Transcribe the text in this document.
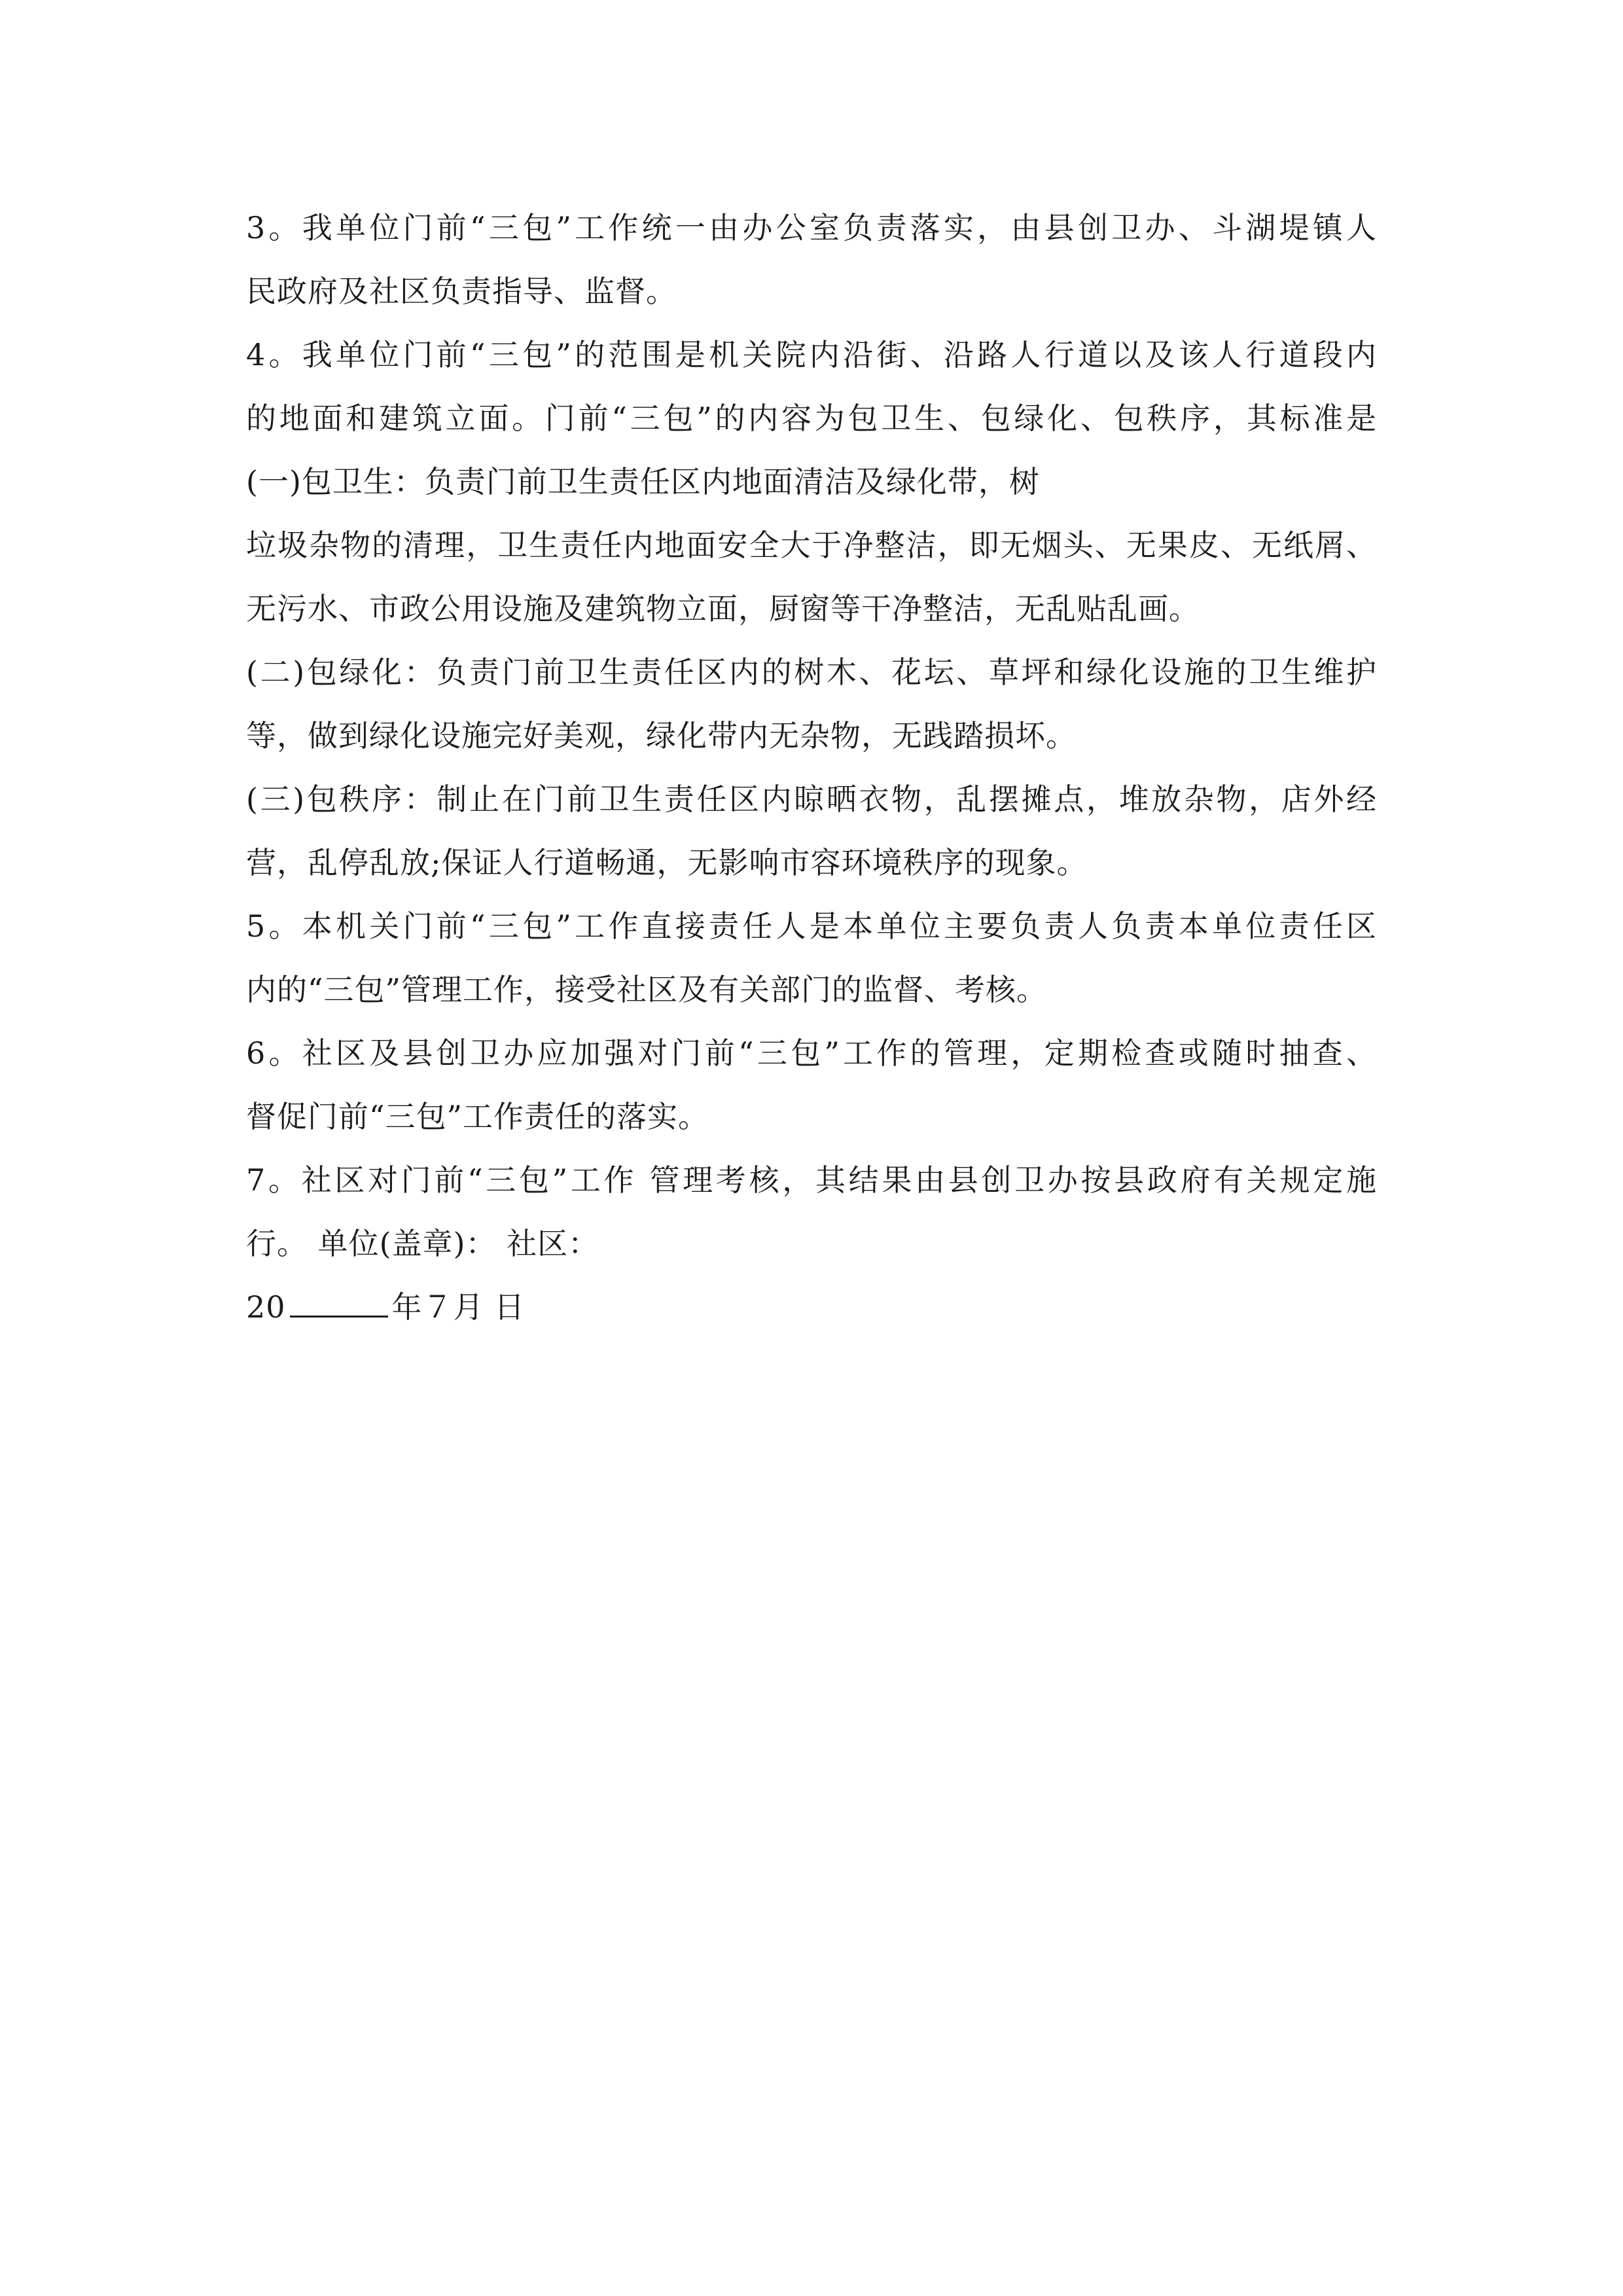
3。我单位门前“三包”工作统一由办公室负责落实，由县创卫办、斗湖堤镇人
民政府及社区负责指导、监督。
4。我单位门前“三包”的范围是机关院内沿街、沿路人行道以及该人行道段内
的地面和建筑立面。门前“三包”的内容为包卫生、包绿化、包秩序，其标准是
(一)包卫生：负责门前卫生责任区内地面清洁及绿化带，树
垃圾杂物的清理，卫生责任内地面安全大于净整洁，即无烟头、无果皮、无纸屑、
无污水、市政公用设施及建筑物立面，厨窗等干净整洁，无乱贴乱画。
(二)包绿化：负责门前卫生责任区内的树木、花坛、草坪和绿化设施的卫生维护
等，做到绿化设施完好美观，绿化带内无杂物，无践踏损坏。
(三)包秩序：制止在门前卫生责任区内晾晒衣物，乱摆摊点，堆放杂物，店外经
营，乱停乱放;保证人行道畅通，无影响市容环境秩序的现象。
5。本机关门前“三包”工作直接责任人是本单位主要负责人负责本单位责任区
内的“三包”管理工作，接受社区及有关部门的监督、考核。
6。社区及县创卫办应加强对门前“三包”工作的管理，定期检查或随时抽查、
督促门前“三包”工作责任的落实。
7。社区对门前“三包”工作 管理考核，其结果由县创卫办按县政府有关规定施
行。 单位(盖章)： 社区：
20	年７月 日
